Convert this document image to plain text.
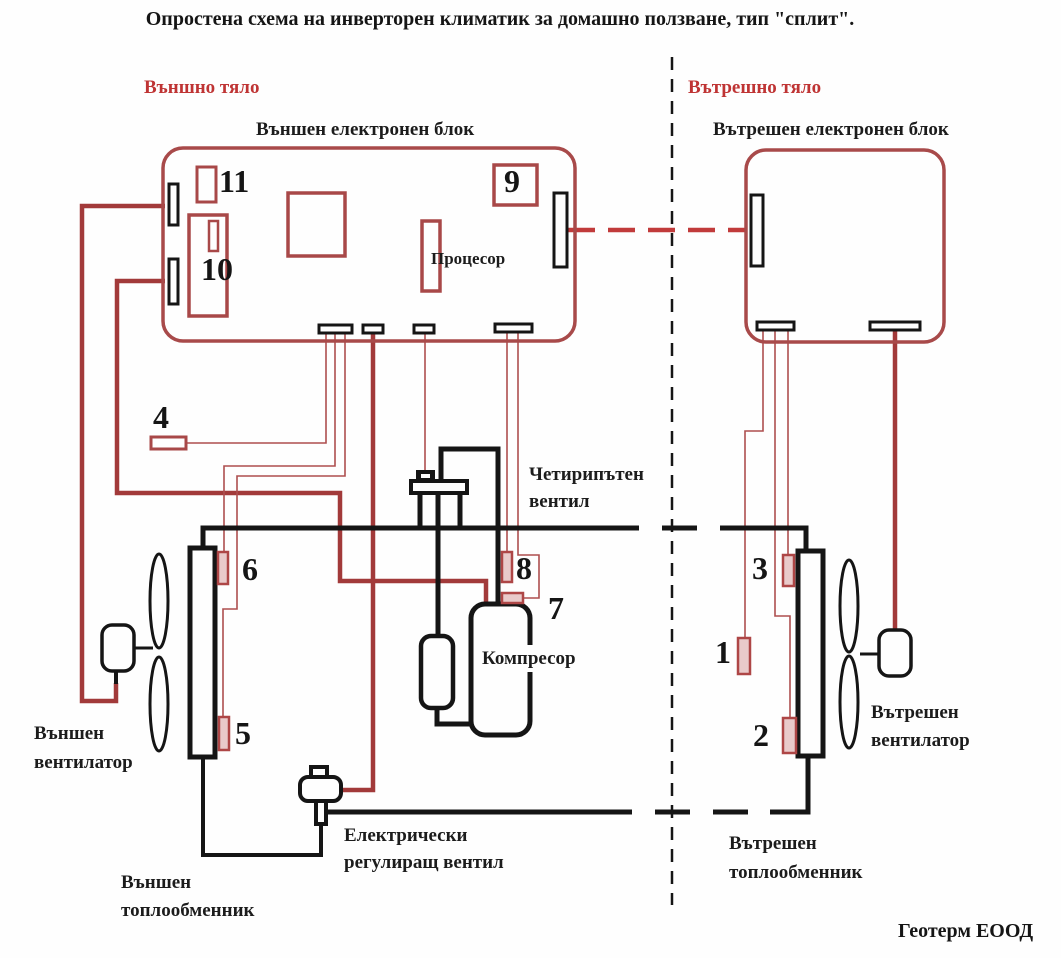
Опростена схема на инверторен климатик за домашно ползване, тип "сплит".
Външно тяло	Вътрешно тяло
Външен електронен блок	Вътрешен електронен блок
Процесор
Компресор
Четирипътен
вентил
Електрически
регулиращ вентил
Външен
вентилатор
Вътрешен
вентилатор
Външен
топлообменник
Вътрешен
топлообменник
11
10
9
4
6
5
8
7
3
1
2
Геотерм ЕООД
